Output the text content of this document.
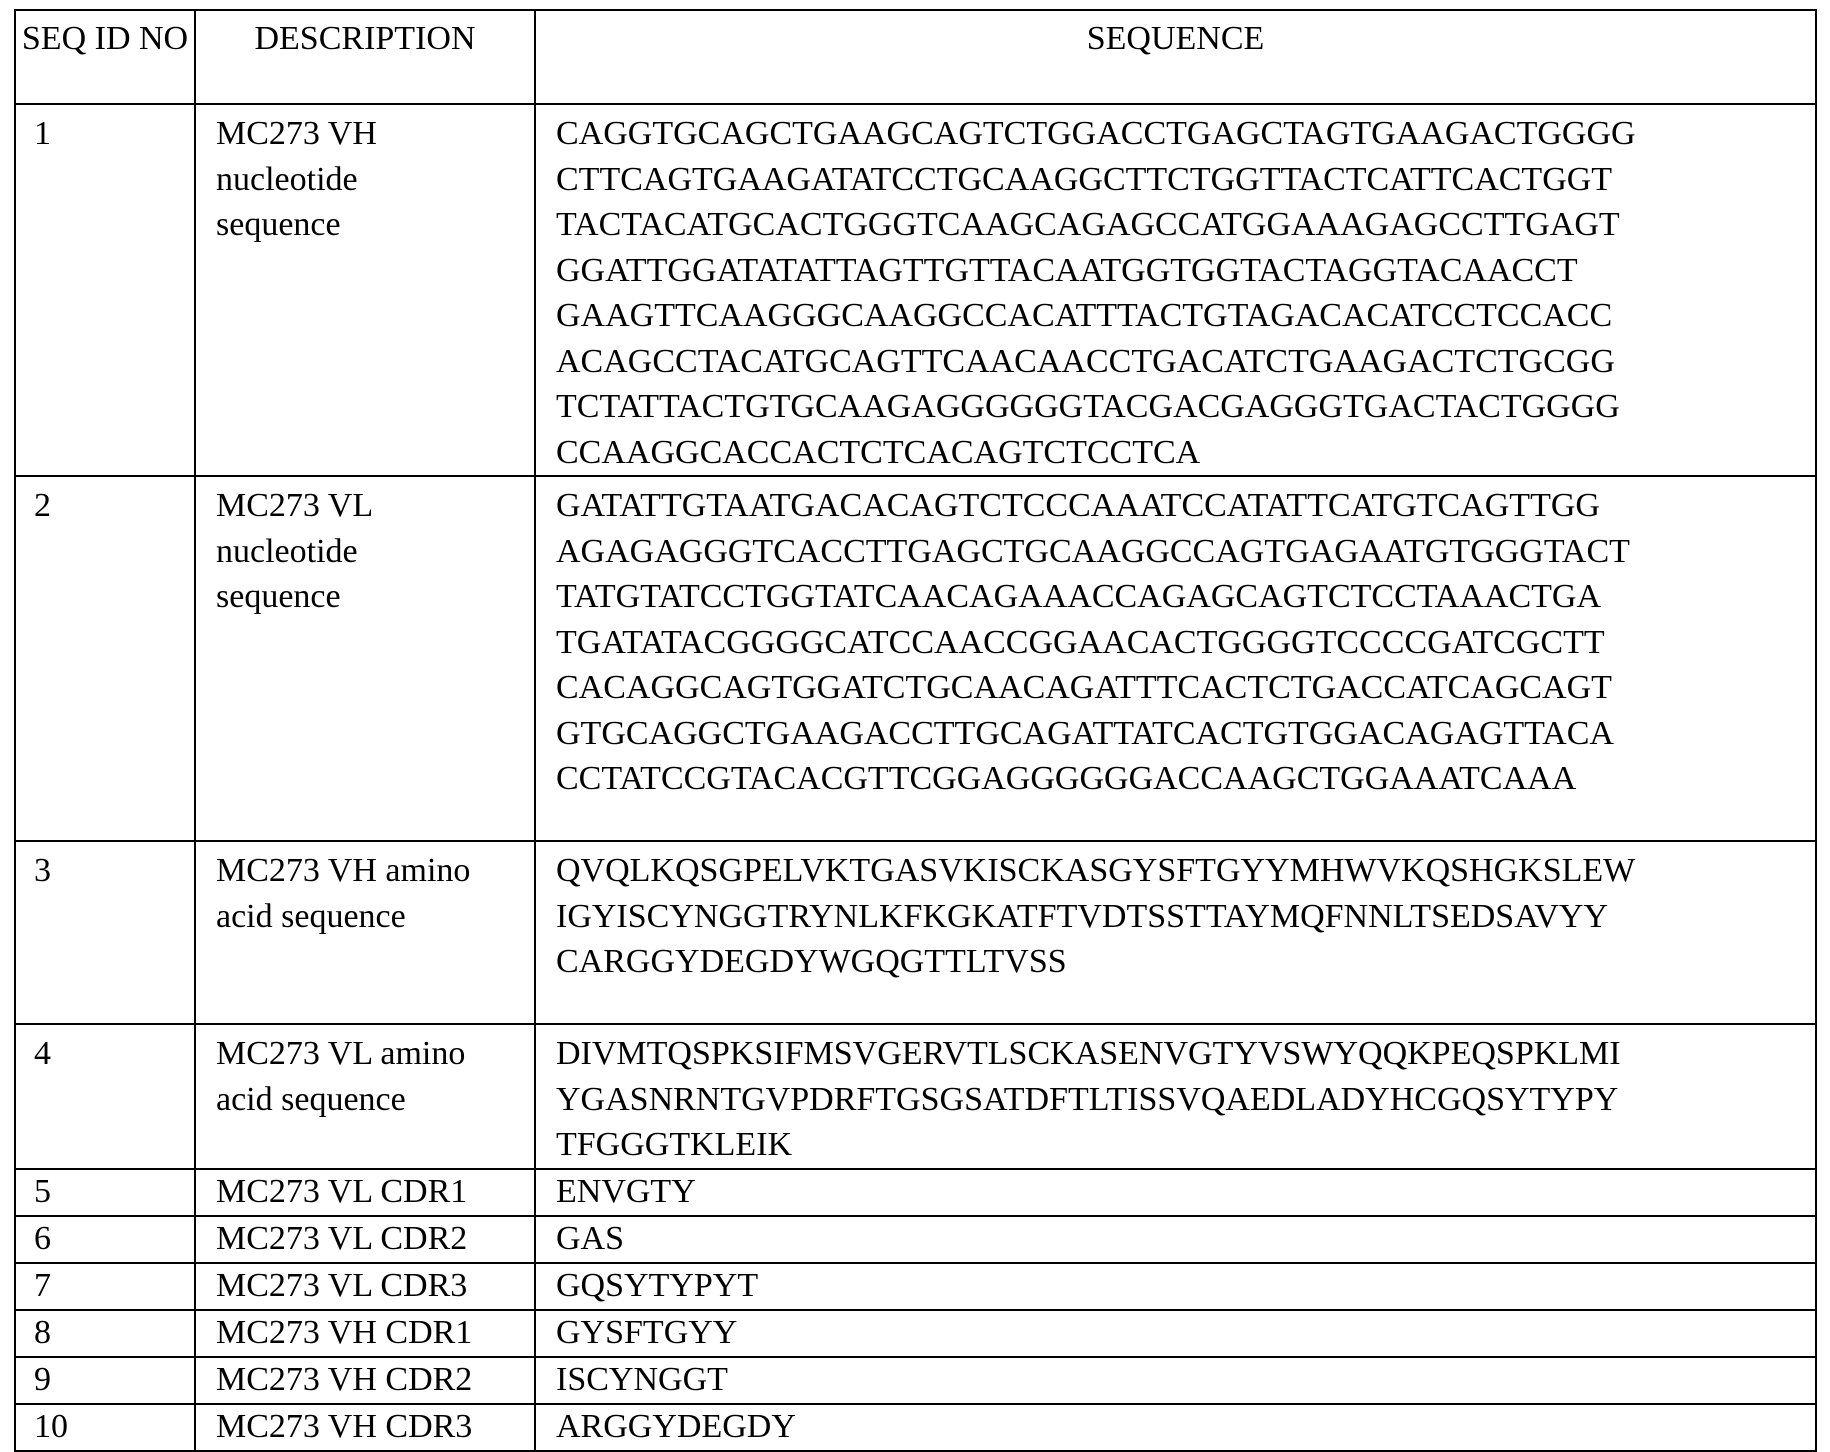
SEQ ID NO	DESCRIPTION	SEQUENCE
1	MC273 VH
nucleotide
sequence

CAGGTGCAGCTGAAGCAGTCTGGACCTGAGCTAGTGAAGACTGGGG
CTTCAGTGAAGATATCCTGCAAGGCTTCTGGTTACTCATTCACTGGT
TACTACATGCACTGGGTCAAGCAGAGCCATGGAAAGAGCCTTGAGT
GGATTGGATATATTAGTTGTTACAATGGTGGTACTAGGTACAACCT
GAAGTTCAAGGGCAAGGCCACATTTACTGTAGACACATCCTCCACC
ACAGCCTACATGCAGTTCAACAACCTGACATCTGAAGACTCTGCGG
TCTATTACTGTGCAAGAGGGGGGTACGACGAGGGTGACTACTGGGG
CCAAGGCACCACTCTCACAGTCTCCTCA

2	MC273 VL
nucleotide
sequence

GATATTGTAATGACACAGTCTCCCAAATCCATATTCATGTCAGTTGG
AGAGAGGGTCACCTTGAGCTGCAAGGCCAGTGAGAATGTGGGTACT
TATGTATCCTGGTATCAACAGAAACCAGAGCAGTCTCCTAAACTGA
TGATATACGGGGCATCCAACCGGAACACTGGGGTCCCCGATCGCTT
CACAGGCAGTGGATCTGCAACAGATTTCACTCTGACCATCAGCAGT
GTGCAGGCTGAAGACCTTGCAGATTATCACTGTGGACAGAGTTACA
CCTATCCGTACACGTTCGGAGGGGGGACCAAGCTGGAAATCAAA

3	MC273 VH amino
acid sequence

QVQLKQSGPELVKTGASVKISCKASGYSFTGYYMHWVKQSHGKSLEW
IGYISCYNGGTRYNLKFKGKATFTVDTSSTTAYMQFNNLTSEDSAVYY
CARGGYDEGDYWGQGTTLTVSS

4	MC273 VL amino
acid sequence

DIVMTQSPKSIFMSVGERVTLSCKASENVGTYVSWYQQKPEQSPKLMI
YGASNRNTGVPDRFTGSGSATDFTLTISSVQAEDLADYHCGQSYTYPY
TFGGGTKLEIK

5	MC273 VL CDR1	ENVGTY

6	MC273 VL CDR2	GAS

7	MC273 VL CDR3	GQSYTYPYT

8	MC273 VH CDR1	GYSFTGYY

9	MC273 VH CDR2	ISCYNGGT

10	MC273 VH CDR3	ARGGYDEGDY
